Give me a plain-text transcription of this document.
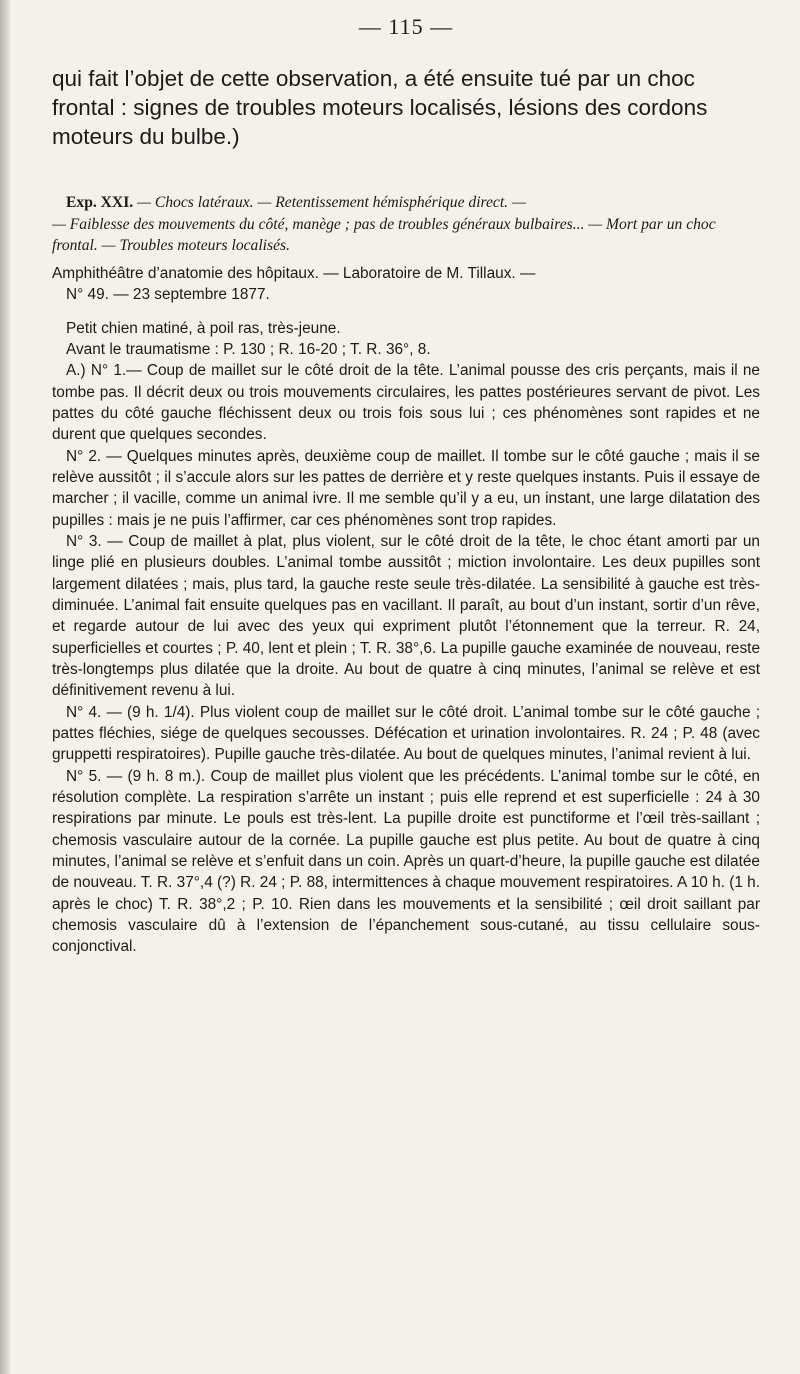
— 115 —

qui fait l’objet de cette observation, a été ensuite tué par un choc frontal : signes de troubles moteurs localisés, lésions des cordons moteurs du bulbe.)

Exp. XXI. — Chocs latéraux. — Retentissement hémisphérique direct. —
— Faiblesse des mouvements du côté, manège ; pas de troubles généraux bulbaires... — Mort par un choc frontal. — Troubles moteurs localisés.
Amphithéâtre d’anatomie des hôpitaux. — Laboratoire de M. Tillaux. —
N° 49. — 23 septembre 1877.

Petit chien matiné, à poil ras, très-jeune.

Avant le traumatisme : P. 130 ; R. 16-20 ; T. R. 36°, 8.

A.) N° 1.— Coup de maillet sur le côté droit de la tête. L’animal pousse des cris perçants, mais il ne tombe pas. Il décrit deux ou trois mouvements circulaires, les pattes postérieures servant de pivot. Les pattes du côté gauche fléchissent deux ou trois fois sous lui ; ces phénomènes sont rapides et ne durent que quelques secondes.

N° 2. — Quelques minutes après, deuxième coup de maillet. Il tombe sur le côté gauche ; mais il se relève aussitôt ; il s’accule alors sur les pattes de derrière et y reste quelques instants. Puis il essaye de marcher ; il vacille, comme un animal ivre. Il me semble qu’il y a eu, un instant, une large dilatation des pupilles : mais je ne puis l’affirmer, car ces phénomènes sont trop rapides.

N° 3. — Coup de maillet à plat, plus violent, sur le côté droit de la tête, le choc étant amorti par un linge plié en plusieurs doubles. L’animal tombe aussitôt ; miction involontaire. Les deux pupilles sont largement dilatées ; mais, plus tard, la gauche reste seule très-dilatée. La sensibilité à gauche est très-diminuée. L’animal fait ensuite quelques pas en vacillant. Il paraît, au bout d’un instant, sortir d’un rêve, et regarde autour de lui avec des yeux qui expriment plutôt l’étonnement que la terreur. R. 24, superficielles et courtes ; P. 40, lent et plein ; T. R. 38°,6. La pupille gauche examinée de nouveau, reste très-longtemps plus dilatée que la droite. Au bout de quatre à cinq minutes, l’animal se relève et est définitivement revenu à lui.

N° 4. — (9 h. 1/4). Plus violent coup de maillet sur le côté droit. L’animal tombe sur le côté gauche ; pattes fléchies, siége de quelques secousses. Défécation et urination involontaires. R. 24 ; P. 48 (avec gruppetti respiratoires). Pupille gauche très-dilatée. Au bout de quelques minutes, l’animal revient à lui.

N° 5. — (9 h. 8 m.). Coup de maillet plus violent que les précédents. L’animal tombe sur le côté, en résolution complète. La respiration s’arrête un instant ; puis elle reprend et est superficielle : 24 à 30 respirations par minute. Le pouls est très-lent. La pupille droite est punctiforme et l’œil très-saillant ; chemosis vasculaire autour de la cornée. La pupille gauche est plus petite. Au bout de quatre à cinq minutes, l’animal se relève et s’enfuit dans un coin. Après un quart-d’heure, la pupille gauche est dilatée de nouveau. T. R. 37°,4 (?) R. 24 ; P. 88, intermittences à chaque mouvement respiratoires. A 10 h. (1 h. après le choc) T. R. 38°,2 ; P. 10. Rien dans les mouvements et la sensibilité ; œil droit saillant par chemosis vasculaire dû à l’extension de l’épanchement sous-cutané, au tissu cellulaire sous-conjonctival.
